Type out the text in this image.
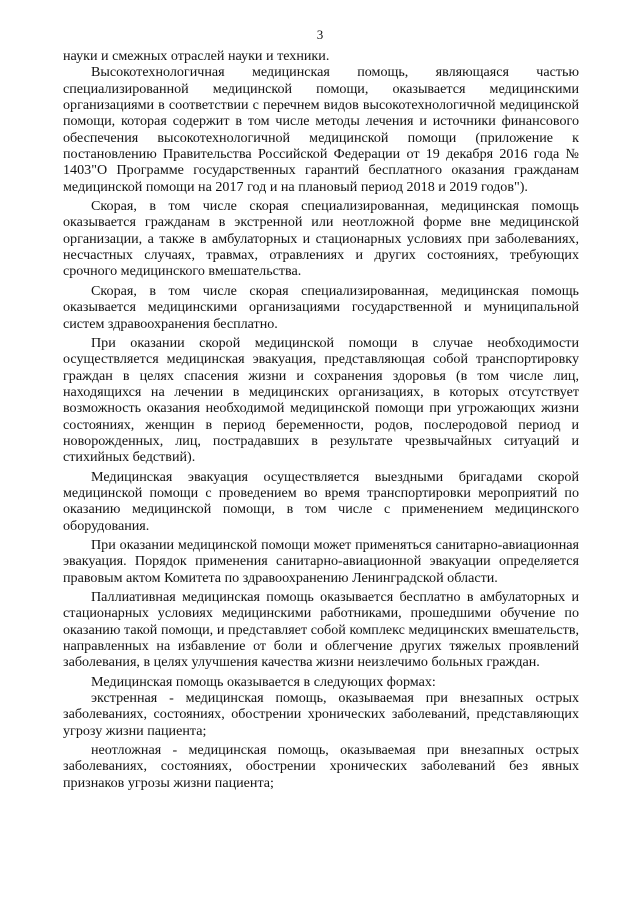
3

науки и смежных отраслей науки и техники.

Высокотехнологичная медицинская помощь, являющаяся частью специализированной медицинской помощи, оказывается медицинскими организациями в соответствии с перечнем видов высокотехнологичной медицинской помощи, которая содержит в том числе методы лечения и источники финансового обеспечения высокотехнологичной медицинской помощи (приложение к постановлению Правительства Российской Федерации от 19 декабря 2016 года № 1403"О Программе государственных гарантий бесплатного оказания гражданам медицинской помощи на 2017 год и на плановый период 2018 и 2019 годов").

Скорая, в том числе скорая специализированная, медицинская помощь оказывается гражданам в экстренной или неотложной форме вне медицинской организации, а также в амбулаторных и стационарных условиях при заболеваниях, несчастных случаях, травмах, отравлениях и других состояниях, требующих срочного медицинского вмешательства.

Скорая, в том числе скорая специализированная, медицинская помощь оказывается медицинскими организациями государственной и муниципальной систем здравоохранения бесплатно.

При оказании скорой медицинской помощи в случае необходимости осуществляется медицинская эвакуация, представляющая собой транспортировку граждан в целях спасения жизни и сохранения здоровья (в том числе лиц, находящихся на лечении в медицинских организациях, в которых отсутствует возможность оказания необходимой медицинской помощи при угрожающих жизни состояниях, женщин в период беременности, родов, послеродовой период и новорожденных, лиц, пострадавших в результате чрезвычайных ситуаций и стихийных бедствий).

Медицинская эвакуация осуществляется выездными бригадами скорой медицинской помощи с проведением во время транспортировки мероприятий по оказанию медицинской помощи, в том числе с применением медицинского оборудования.

При оказании медицинской помощи может применяться санитарно-авиационная эвакуация. Порядок применения санитарно-авиационной эвакуации определяется правовым актом Комитета по здравоохранению Ленинградской области.

Паллиативная медицинская помощь оказывается бесплатно в амбулаторных и стационарных условиях медицинскими работниками, прошедшими обучение по оказанию такой помощи, и представляет собой комплекс медицинских вмешательств, направленных на избавление от боли и облегчение других тяжелых проявлений заболевания, в целях улучшения качества жизни неизлечимо больных граждан.

Медицинская помощь оказывается в следующих формах:

экстренная - медицинская помощь, оказываемая при внезапных острых заболеваниях, состояниях, обострении хронических заболеваний, представляющих угрозу жизни пациента;

неотложная - медицинская помощь, оказываемая при внезапных острых заболеваниях, состояниях, обострении хронических заболеваний без явных признаков угрозы жизни пациента;
